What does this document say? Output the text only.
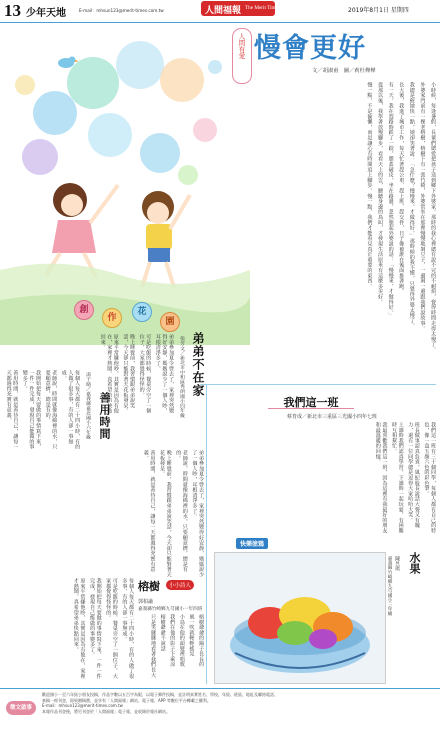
13 少年天地	E-mail：mhsun123@merit-times.com.tw	人間福報 The Merit Times	2019年8月1日 星期四
創
作
花
園
人間有愛 慢會更好
文／胡淑甫　圖／莉杜樺樺

小時候，每逢暑假，長輩們總愛把孩子送到鄉下外婆家。那時的我心裡總有說不完的不耐煩，覺得時間走得太慢了。

外婆家門前有一棵老榕樹，榕樹下有一張竹椅，外婆常坐在那裡慢慢地剝豆子，一邊剝一邊跟我們說故事。

我總是催她快一點，她卻笑著說：「急什麼？慢慢來，才做得好。」那時候的我不懂，只覺得外婆太慢了。

長大後，我進了城市工作，每天忙著趕公車、趕上班、趕交件，日子像被誰在後面推著跑。

有一天，我在趕路時跌了一跤，膝蓋破皮，坐在路邊，忽然想起外婆說的話：「慢慢來，才做得好。」

從那以後，我學著放慢腳步，看看天上的雲，聽聽身邊的鳥叫，才發現生活原來有這麼多美好。

慢一點，不是偷懶，而是讓心有時間追上腳步。慢一點，我們才能看見真正重要的東西。

弟弟不在家
張芳文／新北市中和區秀朗國小四年級

弟弟參加夏令營去了，家裡突然變得好安靜，媽媽說少了一個人吵，耳根清淨多了。

可是吃飯的時候，餐桌旁空了一個位子，大家都覺得怪怪的。

晚上睡覺前，我習慣跟弟弟說笑話，今天卻只能對著天花板發呆。

原來平常嫌他吵，其實是因為有他在，家裡才熱鬧。真希望弟弟快點回來。

善用時間
湯于晴／嘉義縣嘉北國小六年級

每個人每天都有二十四小時，有的人做了很多事，有的人卻一事無成。

老師說，時間就像海綿裡的水，只要願意擠，總是有的。

我開始把每天要做的事情寫下來，一件一件完成，發現自己能做的事變多了。

善用時間，就是善待自己，讓每一天都過得充實有意義。

弟弟參加夏令營去了，家裡突然變得好安靜，媽媽說少了一個人吵，耳根清淨多了。

老師說，時間就像海綿裡的水，只要願意擠，總是有的。

晚上睡覺前，我習慣跟弟弟說笑話，今天卻只能對著天花板發呆。

善用時間，就是善待自己，讓每一天都過得充實有意義。

我們這一班
蔡育成／新北市三重區三光國小四年七班

我們這一班有三十個同學，每個人都有自己的特色，像一盒五顏六色的彩色筆。

班長做事認真負責，風紀股長說話大聲又有魄力，還有一位同學總是逗得大家哈哈大笑。

上課時我們認真學習，下課時一起玩耍，有困難時互相幫忙。

我最喜歡我們這一班，因為這裡有我最好的朋友和最溫暖的回憶。

榕樹	小小詩人
郭柏諭
嘉義縣竹崎鄉九芎國小一年四班

榕樹爺爺的鬍子長長的

風一吹就輕輕搖晃

小鳥在他的頭髮裡唱歌

我們在他的影子下乘涼

榕樹爺爺不說話

只是笑瞇瞇地看著我們長大

每個人每天都有二十四小時，有的人做了很多事，有的人卻一事無成。

可是吃飯的時候，餐桌旁空了一個位子，大家都覺得怪怪的。

我開始把每天要做的事情寫下來，一件一件完成，發現自己能做的事變多了。

原來平常嫌他吵，其實是因為有他在，家裡才熱鬧。真希望弟弟快點回來。

快樂塗鴉
水果
陳昱琪
嘉義縣竹崎鄉九芎國小三年級
徵文啟事
歡迎國小一至六年級小朋友投稿，作品字數以五百字為限，以電子郵件投稿，並註明真實姓名、學校、年級、班級、地址及聯絡電話。
來稿一經刊登，即致贈稿費，並享有「人間福報」網站、電子報、APP 等數位平台轉載之權利。
E-mail：mhsun123@merit-times.com.tw
本報作品刊登後，將另刊登於「人間福報」電子報，並收錄於報社網站。
